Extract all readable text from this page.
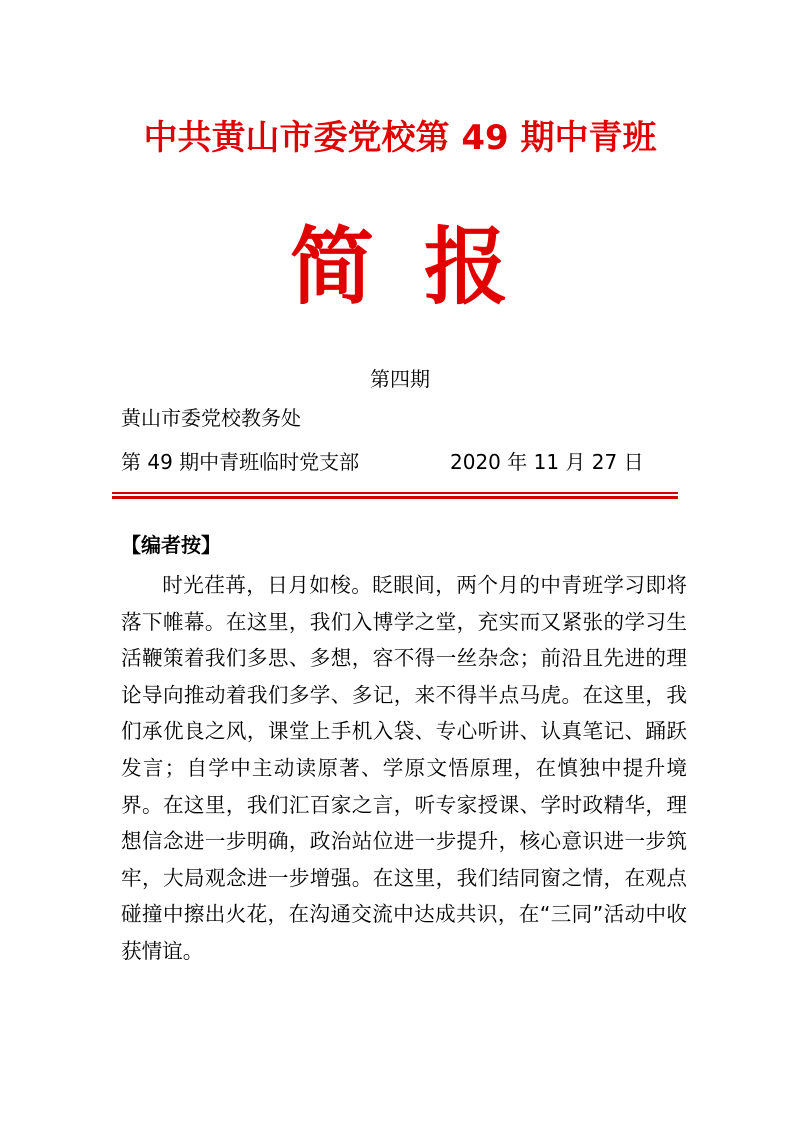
中共黄山市委党校第 49 期中青班
简 报
第四期
黄山市委党校教务处
第 49 期中青班临时党支部	2020 年 11 月 27 日
【编者按】

时光荏苒，日月如梭。眨眼间，两个月的中青班学习即将落下帷幕。在这里，我们入博学之堂，充实而又紧张的学习生活鞭策着我们多思、多想，容不得一丝杂念；前沿且先进的理论导向推动着我们多学、多记，来不得半点马虎。在这里，我们承优良之风，课堂上手机入袋、专心听讲、认真笔记、踊跃发言；自学中主动读原著、学原文悟原理，在慎独中提升境界。在这里，我们汇百家之言，听专家授课、学时政精华，理想信念进一步明确，政治站位进一步提升，核心意识进一步筑牢，大局观念进一步增强。在这里，我们结同窗之情，在观点碰撞中擦出火花，在沟通交流中达成共识，在“三同”活动中收获情谊。
